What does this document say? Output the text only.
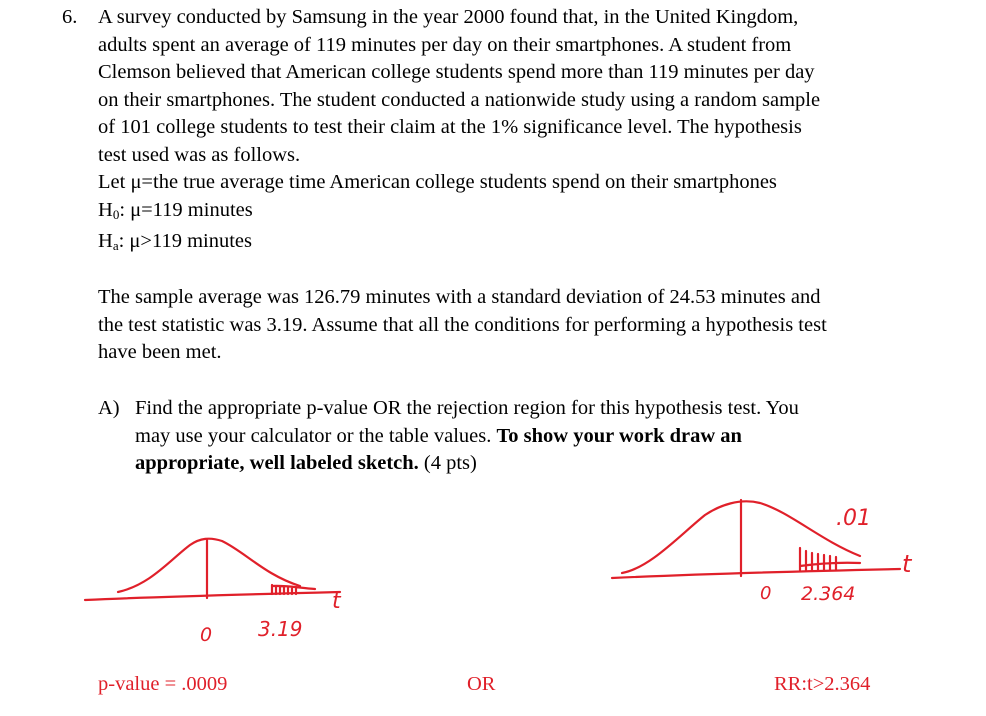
6. A survey conducted by Samsung in the year 2000 found that, in the United Kingdom,
adults spent an average of 119 minutes per day on their smartphones. A student from
Clemson believed that American college students spend more than 119 minutes per day
on their smartphones. The student conducted a nationwide study using a random sample
of 101 college students to test their claim at the 1% significance level. The hypothesis
test used was as follows.
Let μ=the true average time American college students spend on their smartphones
$H_0$: μ=119 minutes
$H_a$: μ>119 minutes
The sample average was 126.79 minutes with a standard deviation of 24.53 minutes and
the test statistic was 3.19. Assume that all the conditions for performing a hypothesis test
have been met.
A) Find the appropriate p-value OR the rejection region for this hypothesis test. You
may use your calculator or the table values. To show your work draw an
appropriate, well labeled sketch. (4 pts)
0 3.19
t	0
.01
2.364
t
p-value = .0009	OR	RR:t>2.364
